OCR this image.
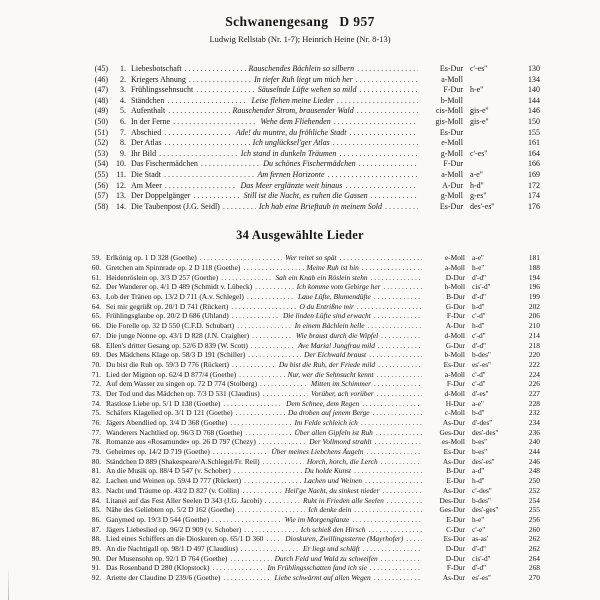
Schwanengesang D 957
Ludwig Rellstab (Nr. 1-7); Heinrich Heine (Nr. 8-13)
(45)	1. Liebesbotschaft . . .	Rauschendes Bächlein so silbern . . .	Es-Dur c'-es''	130
(46)	2. Kriegers Ahnung . . .	In tiefer Ruh liegt um mich her . . .	a-Moll	134
(47)	3. Frühlingssehnsucht . . .	Säuselnde Lüfte wehen so mild . . .	F-Dur h-e''	140
(48)	4. Ständchen . . .	Leise flehen meine Lieder . . .	b-Moll	144
(49)	5. Aufenthalt . . .	Rauschender Strom, brausender Wald . . .	cis-Moll gis-e''	146
(50)	6. In der Ferne . . .	Wehe dem Fliehenden . . .	gis-Moll gis-e''	150
(51)	7. Abschied . . .	Ade! du muntre, du fröhliche Stadt . . .	Es-Dur	155
(52)	8. Der Atlas . . .	Ich unglücksel'ger Atlas . . .	e-Moll	161
(53)	9. Ihr Bild . . .	Ich stand in dunkeln Träumen . . .	g-Moll c'-es''	164
(54)	10. Das Fischermädchen . . .	Du schönes Fischermädchen . . .	F-Dur	166
(55)	11. Die Stadt . . .	Am fernen Horizonte . . .	a-Moll a-e''	169
(56)	12. Am Meer . . .	Das Meer erglänzte weit hinaus . . .	A-Dur h-d''	172
(57)	13. Der Doppelgänger . . .	Still ist die Nacht, es ruhen die Gassen . . .	g-Moll g-es''	174
(58)	14. Die Taubenpost (J.G. Seidl) . . .	Ich hab eine Brieftaub in meinem Sold . . .	Es-Dur des'-es''	176
34 Ausgewählte Lieder
59. Erlkönig op. 1 D 328 (Goethe) . . .	Wer reitet so spät . . .	e-Moll a-e''	181
60. Gretchen am Spinnrade op. 2 D 118 (Goethe) . . .	Meine Ruh ist hin . . .	a-Moll h-e''	188
61. Heidenröslein op. 3/3 D 257 (Goethe) . . .	Sah ein Knab ein Röslein stehn . . .	D-Dur d'-d''	194
62. Der Wanderer op. 4/1 D 489 (Schmidt v. Lübeck) . . .	Ich komme vom Gebirge her . . .	h-Moll cis'-d''	196
63. Lob der Tränen op. 13/2 D 711 (A.v. Schlegel) . . .	Laue Lüfte, Blumendüfte . . .	B-Dur d'-d''	199
64. Sei mir gegrüßt op. 20/1 D 741 (Rückert) . . .	O du Entrißne mir . . .	G-Dur h-d''	202
65. Frühlingsglaube op. 20/2 D 686 (Uhland) . . .	Die linden Lüfte sind erwacht . . .	F-Dur c'-d''	206
66. Die Forelle op. 32 D 550 (C.F.D. Schubart) . . .	In einem Bächlein helle . . .	A-Dur h-d''	210
67. Die junge Nonne op. 43/1 D 828 (J.N. Craigher) . . .	Wie braust durch die Wipfel . . .	d-Moll c'-d''	214
68. Ellen's dritter Gesang op. 52/6 D 839 (W. Scott) . . .	Ave Maria! Jungfrau mild . . .	G-Dur d'-d''	218
69. Des Mädchens Klage op. 58/3 D 191 (Schiller) . . .	Der Eichwald braust . . .	b-Moll b-des''	220
70. Du bist die Ruh op. 59/3 D 776 (Rückert) . . .	Du bist die Ruh, der Friede mild . . .	Es-Dur es'-es''	222
71. Lied der Mignon op. 62/4 D 877/4 (Goethe) . . .	Nur, wer die Sehnsucht kennt . . .	a-Moll c'-d''	224
72. Auf dem Wasser zu singen op. 72 D 774 (Stolberg) . . .	Mitten im Schimmer . . .	F-Dur c'-d''	226
73. Der Tod und das Mädchen op. 7/3 D 531 (Claudius) . . .	Vorüber, ach vorüber . . .	d-Moll d'-es''	227
74. Rastlose Liebe op. 5/1 D 138 (Goethe) . . .	Dem Schnee, dem Regen . . .	H-Dur a-e''	228
75. Schäfers Klagelied op. 3/1 D 121 (Goethe) . . .	Da droben auf jenem Berge . . .	c-Moll b-d''	232
76. Jägers Abendlied op. 3/4 D 368 (Goethe) . . .	Im Felde schleich ich . . .	As-Dur d'-des''	234
77. Wanderers Nachtlied op. 96/3 D 768 (Goethe) . . .	Über allen Gipfeln ist Ruh . . .	Ges-Dur des'-des''	236
78. Romanze aus «Rosamunde» op. 26 D 797 (Chezy) . . .	Der Vollmond strahlt . . .	es-Moll b-es''	240
79. Geheimes op. 14/2 D 719 (Goethe) . . .	Über meines Liebchens Äugeln . . .	Es-Dur b-es''	244
80. Ständchen D 889 (Shakespeare/A.Schlegel/Fr. Reil) . . .	Horch, horch, die Lerch . . .	As-Dur des'-es''	246
81. An die Musik op. 88/4 D 547 (v. Schober) . . .	Du holde Kunst . . .	B-Dur a-d''	248
82. Lachen und Weinen op. 59/4 D 777 (Rückert) . . .	Lachen und Weinen . . .	E-Dur h-d''	250
83. Nacht und Träume op. 43/2 D 827 (v. Collin) . . .	Heil'ge Nacht, du sinkest nieder . . .	As-Dur c'-des''	252
84. Litanei auf das Fest Aller Seelen D 343 (J.G. Jacobi) . . .	Ruht in Frieden alle Seelen . . .	Des-Dur b-des''	254
85. Nähe des Geliebten op. 5/2 D 162 (Goethe) . . .	Ich denke dein . . .	Ges-Dur des'-ges''	255
86. Ganymed op. 19/3 D 544 (Goethe) . . .	Wie im Morgenglanze . . .	E-Dur h-e''	256
87. Jägers Liebeslied op. 96/2 D 909 (v. Schober) . . .	Ich schieß den Hirsch . . .	C-Dur c'-e''	260
88. Lied eines Schiffers an die Dioskuren op. 65/1 D 360 . . .	Dioskuren, Zwillingssterne (Mayrhofer) . . .	Es-Dur as-as'	262
89. An die Nachtigall op. 98/1 D 497 (Claudius) . . .	Er liegt und schläft . . .	D-Dur d'-d''	262
90. Der Musensohn op. 92/1 D 764 (Goethe) . . .	Durch Feld und Wald zu schweifen . . .	D-Dur cis'-d''	264
91. Das Rosenband D 280 (Klopstock) . . .	Im Frühlingsschatten fand ich sie . . .	F-Dur d'-d''	268
92. Ariette der Claudine D 239/6 (Goethe) . . .	Liebe schwärmt auf allen Wegen . . .	As-Dur es'-es''	270
